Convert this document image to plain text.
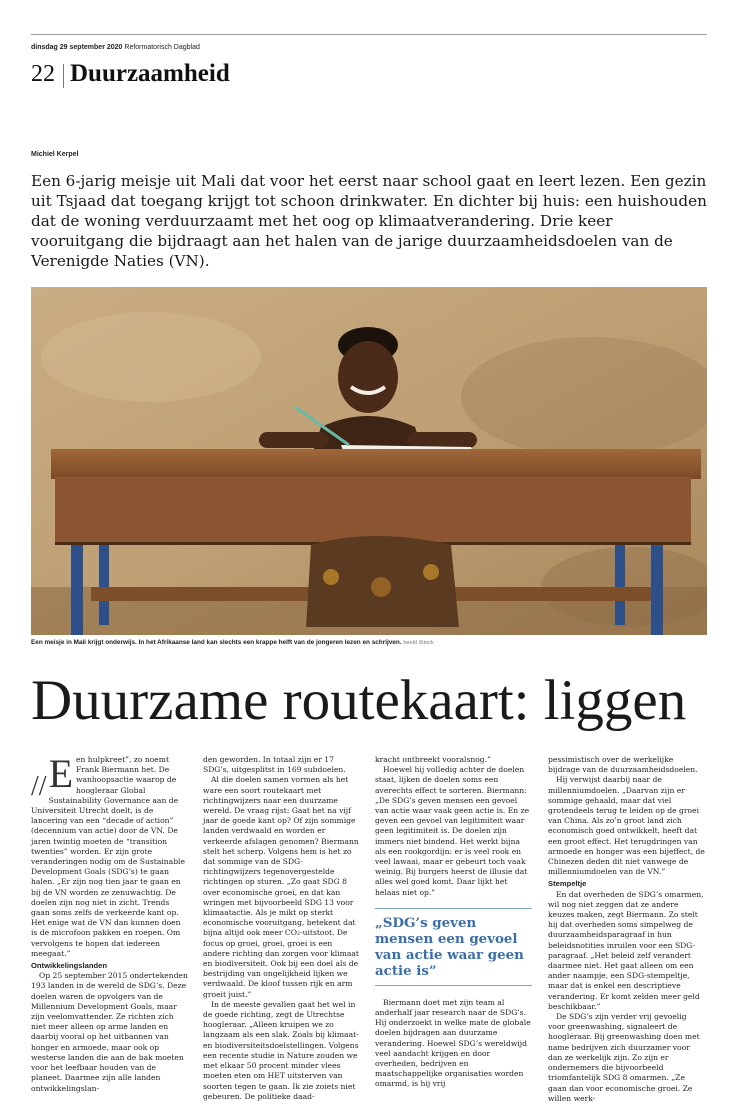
dinsdag 29 september 2020 Reformatorisch Dagblad
22 Duurzaamheid
Michiel Kerpel
Een 6-jarig meisje uit Mali dat voor het eerst naar school gaat en leert lezen. Een gezin uit Tsjaad dat toegang krijgt tot schoon drinkwater. En dichter bij huis: een huishouden dat de woning verduurzaamt met het oog op klimaatverandering. Drie keer vooruitgang die bijdraagt aan het halen van de jarige duurzaamheidsdoelen van de Verenigde Naties (VN).
Een meisje in Mali krijgt onderwijs. In het Afrikaanse land kan slechts een krappe helft van de jongeren lezen en schrijven. beeld iStock
Duurzame routekaart: liggen
// E en hulpkreet”, zo noemt Frank Biermann het. De wanhoopsactie waarop de hoogleraar Global Sustainability Governance aan de Universiteit Utrecht doelt, is de lancering van een “decade of action” (decennium van actie) door de VN. De jaren twintig moeten de “transition twenties” worden. Er zijn grote veranderingen nodig om de Sustainable Development Goals (SDG’s) te gaan halen. „Er zijn nog tien jaar te gaan en bij de VN worden ze zenuwachtig. De doelen zijn nog niet in zicht. Trends gaan soms zelfs de verkeerde kant op. Het enige wat de VN dan kunnen doen is de microfoon pakken en roepen. Om vervolgens te hopen dat iedereen meegaat.”

Ontwikkelingslanden

Op 25 september 2015 ondertekenden 193 landen in de wereld de SDG’s. Deze doelen waren de opvolgers van de Millennium Development Goals, maar zijn veelomvattender. Ze richten zich niet meer alleen op arme landen en daarbij vooral op het uitbannen van honger en armoede, maar ook op westerse landen die aan de bak moeten voor het leefbaar houden van de planeet. Daarmee zijn alle landen ontwikkelingslan-

den geworden. In totaal zijn er 17 SDG’s, uitgesplitst in 169 subdoelen.

Al die doelen samen vormen als het ware een soort routekaart met richtingwijzers naar een duurzame wereld. De vraag rijst: Gaat het na vijf jaar de goede kant op? Of zijn sommige landen verdwaald en worden er verkeerde afslagen genomen? Biermann stelt het scherp. Volgens hem is het zo dat sommige van de SDG-richtingwijzers tegenovergestelde richtingen op sturen. „Zo gaat SDG 8 over economische groei, en dat kan wringen met bijvoorbeeld SDG 13 voor klimaatactie. Als je mikt op sterkt economische vooruitgang, betekent dat bijna altijd ook meer CO₂-uitstoot. De focus op groei, groei, groei is een andere richting dan zorgen voor klimaat en biodiversiteit. Ook bij een doel als de bestrijding van ongelijkheid lijken we verdwaald. De kloof tussen rijk en arm groeit juist.”

In de meeste gevallen gaat het wel in de goede richting, zegt de Utrechtse hoogleraar. „Alleen kruipen we zo langzaam als een slak. Zoals bij klimaat- en biodiversiteitsdoelstellingen. Volgens een recente studie in Nature zouden we met elkaar 50 procent minder vlees moeten eten om HET uitsterven van soorten tegen te gaan. Ik zie zoiets niet gebeuren. De politieke daad-

kracht ontbreekt vooralsnog.”

Hoewel hij volledig achter de doelen staat, lijken de doelen soms een averechts effect te sorteren. Biermann: „De SDG’s geven mensen een gevoel van actie waar vaak geen actie is. En ze geven een gevoel van legitimiteit waar geen legitimiteit is. De doelen zijn immers niet bindend. Het werkt bijna als een rookgordijn: er is veel rook en veel lawaai, maar er gebeurt toch vaak weinig. Bij burgers heerst de illusie dat alles wel goed komt. Daar lijkt het helaas niet op.”

„SDG’s geven mensen een gevoel van actie waar geen actie is”

Biermann doet met zijn team al anderhalf jaar research naar de SDG’s. Hij onderzoekt in welke mate de globale doelen bijdragen aan duurzame verandering. Hoewel SDG’s wereldwijd veel aandacht krijgen en door overheden, bedrijven en maatschappelijke organisaties worden omarmd, is hij vrij

pessimistisch over de werkelijke bijdrage van de duurzaamheidsdoelen.

Hij verwijst daarbij naar de millenniumdoelen. „Daarvan zijn er sommige gehaald, maar dat viel grotendeels terug te leiden op de groei van China. Als zo’n groot land zich economisch goed ontwikkelt, heeft dat een groot effect. Het terugdringen van armoede en honger was een bijeffect, de Chinezen deden dit niet vanwege de millenniumdoelen van de VN.”

Stempeltje

En dat overheden de SDG’s omarmen, wil nog niet zeggen dat ze andere keuzes maken, zegt Biermann. Zo stelt hij dat overheden soms simpelweg de duurzaamheidsparagraaf in hun beleidsnotities inruilen voor een SDG-paragraaf. „Het beleid zelf verandert daarmee niet. Het gaat alleen om een ander naampje, een SDG-stempeltje, maar dat is enkel een descriptieve verandering. Er komt zelden meer geld beschikbaar.”

De SDG’s zijn verder vrij gevoelig voor greenwashing, signaleert de hoogleraar. Bij greenwashing doen met name bedrijven zich duurzamer voor dan ze werkelijk zijn. Zo zijn er ondernemers die bijvoorbeeld triomfantelijk SDG 8 omarmen. „Ze gaan dan voor economische groei. Ze willen werk-
